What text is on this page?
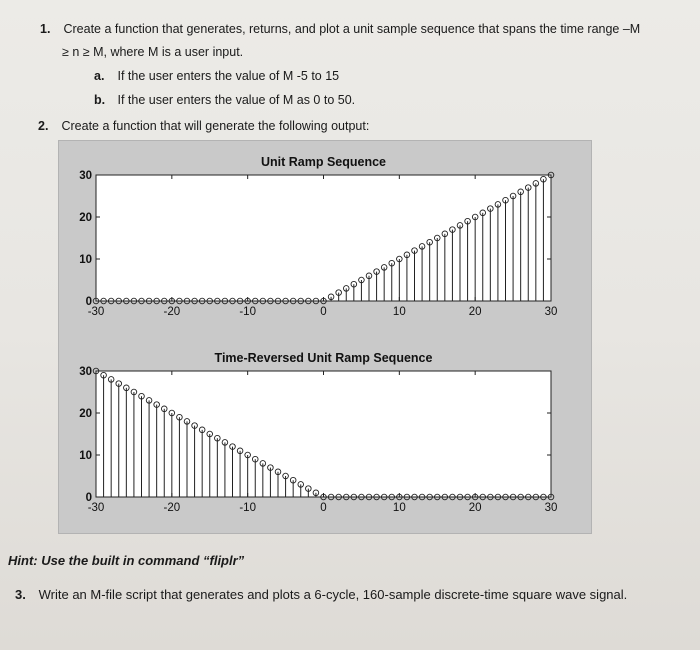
1. Create a function that generates, returns, and plot a unit sample sequence that spans the time range –M
≥ n ≥ M, where M is a user input.
a. If the user enters the value of M -5 to 15
b. If the user enters the value of M as 0 to 50.
2. Create a function that will generate the following output:
Unit Ramp Sequence
-30	-20	-10	0	10	20	30
0
10
20
30
Time-Reversed Unit Ramp Sequence
-30	-20	-10	0	10	20	30
0
10
20
30
Hint: Use the built in command “fliplr”
3. Write an M-file script that generates and plots a 6-cycle, 160-sample discrete-time square wave signal.
